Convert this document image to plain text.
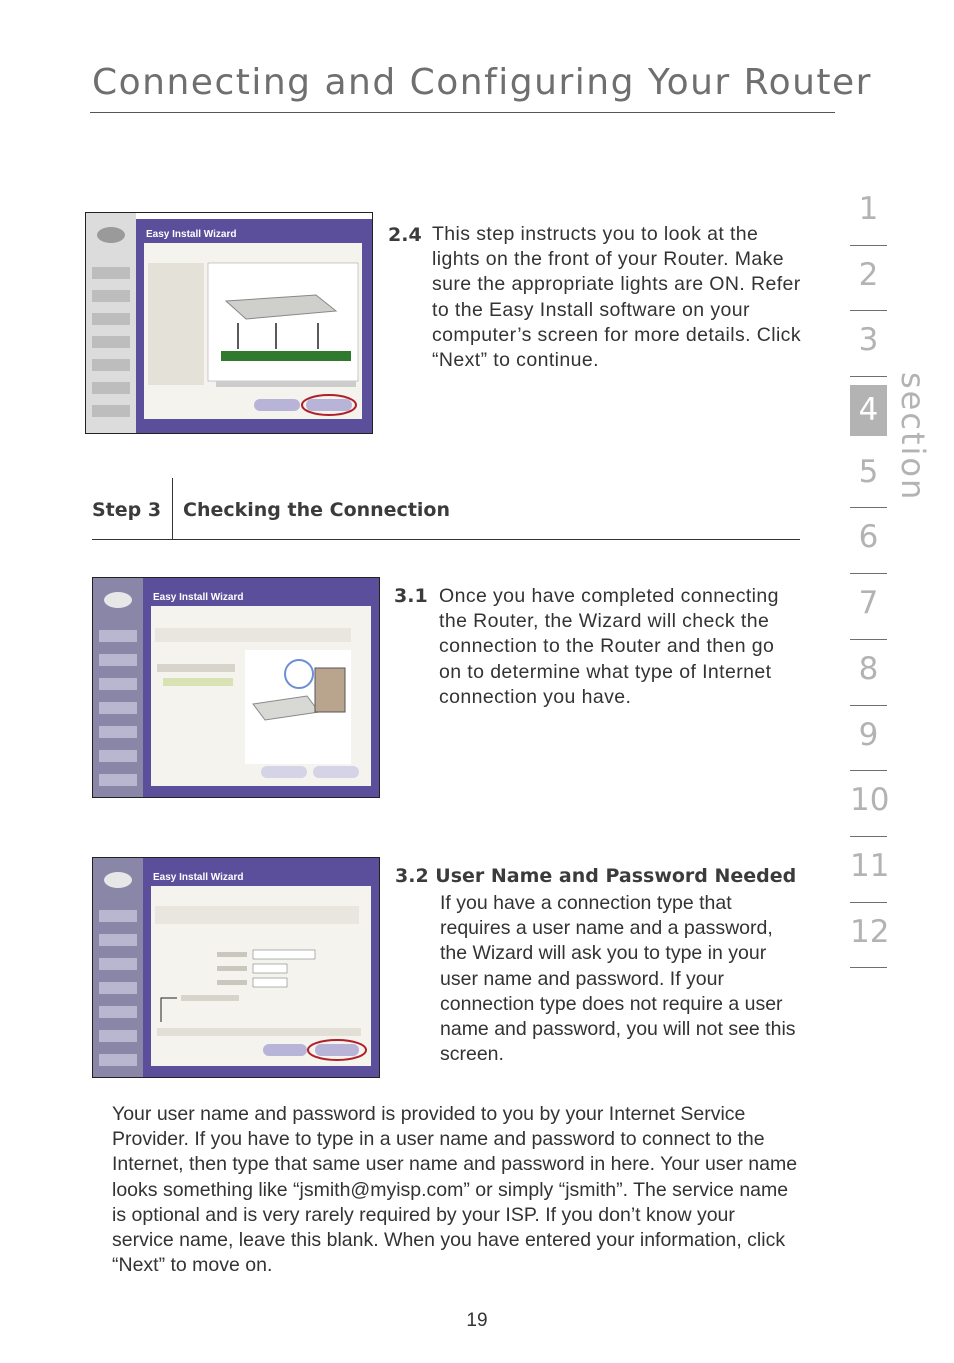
Connecting and Configuring Your Router
1
2
3
4
5
6
7
8
9
10
11
12
section
Easy Install Wizard	2.4 This step instructs you to look at the lights on the front of your Router. Make sure the appropriate lights are ON. Refer to the Easy Install software on your computer’s screen for more details. Click “Next” to continue.
Step 3 Checking the Connection
Easy Install Wizard	3.1 Once you have completed connecting the Router, the Wizard will check the connection to the Router and then go on to determine what type of Internet connection you have.
Easy Install Wizard	3.2 User Name and Password Needed
If you have a connection type that requires a user name and a password, the Wizard will ask you to type in your user name and password. If your connection type does not require a user name and password, you will not see this screen.
Your user name and password is provided to you by your Internet Service Provider. If you have to type in a user name and password to connect to the Internet, then type that same user name and password in here. Your user name looks something like “jsmith@myisp.com” or simply “jsmith”. The service name is optional and is very rarely required by your ISP. If you don’t know your service name, leave this blank. When you have entered your information, click “Next” to move on.
19
